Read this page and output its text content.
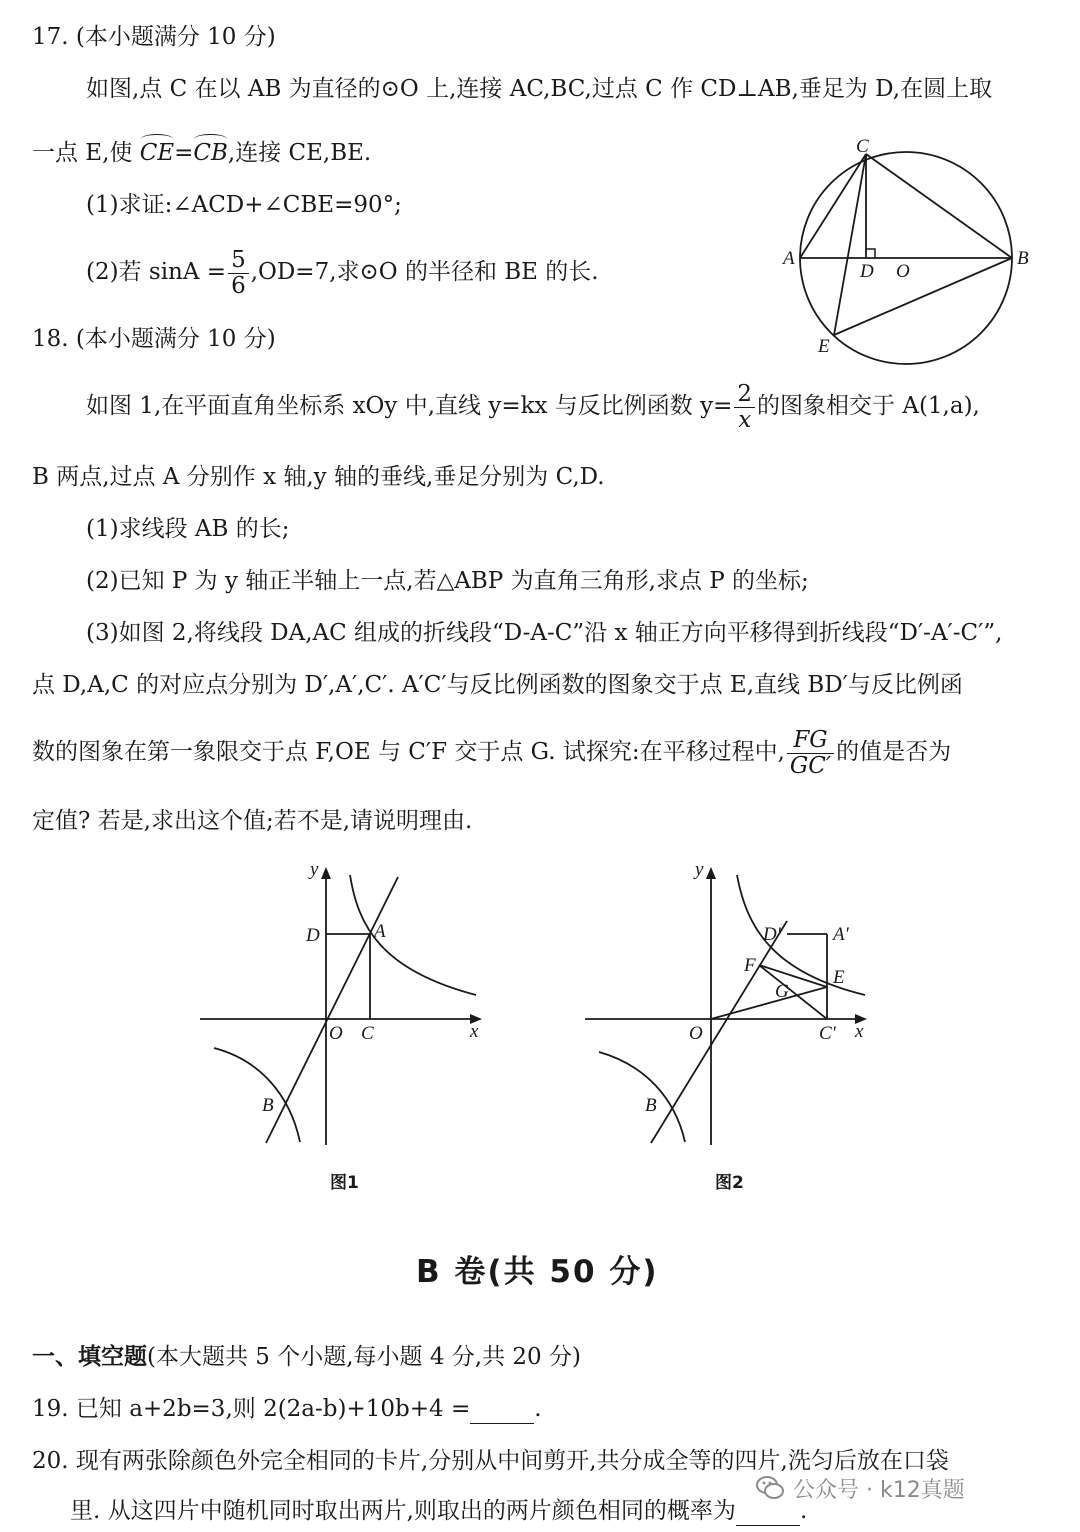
17. (本小题满分 10 分)
如图,点 C 在以 AB 为直径的⊙O 上,连接 AC,BC,过点 C 作 CD⊥AB,垂足为 D,在圆上取
一点 E,使 CE=CB,连接 CE,BE.
(1)求证:∠ACD+∠CBE=90°;
(2)若 $\sin A = \frac{5}{6} ,OD=7$,求⊙O 的半径和 BE 的长.
C
A	B
D O
E
18. (本小题满分 10 分)
如图 1,在平面直角坐标系 xOy 中,直线 y=kx 与反比例函数 $y= \frac{2}{x}$ 的图象相交于 A(1,a),
B 两点,过点 A 分别作 x 轴,y 轴的垂线,垂足分别为 C,D.
(1)求线段 AB 的长;
(2)已知 P 为 y 轴正半轴上一点,若△ABP 为直角三角形,求点 P 的坐标;
(3)如图 2,将线段 DA,AC 组成的折线段“D-A-C”沿 x 轴正方向平移得到折线段“D′-A′-C′”,
点 D,A,C 的对应点分别为 D′,A′,C′. A′C′与反比例函数的图象交于点 E,直线 BD′与反比例函
数的图象在第一象限交于点 F,OE 与 C′F 交于点 G. 试探究:在平移过程中, $\frac{FG}{GC'}$ 的值是否为
定值? 若是,求出这个值;若不是,请说明理由.
y
x
O C
D	A
B
图1
y
x
O
D′	A′
F
G
E
C′
B
图2
B 卷(共 50 分)
一、填空题(本大题共 5 个小题,每小题 4 分,共 20 分)
19. 已知 a+2b=3,则 2(2a-b)+10b+4 =	.
20. 现有两张除颜色外完全相同的卡片,分别从中间剪开,共分成全等的四片,洗匀后放在口袋
里. 从这四片中随机同时取出两片,则取出的两片颜色相同的概率为	.
公众号 · k12真题
